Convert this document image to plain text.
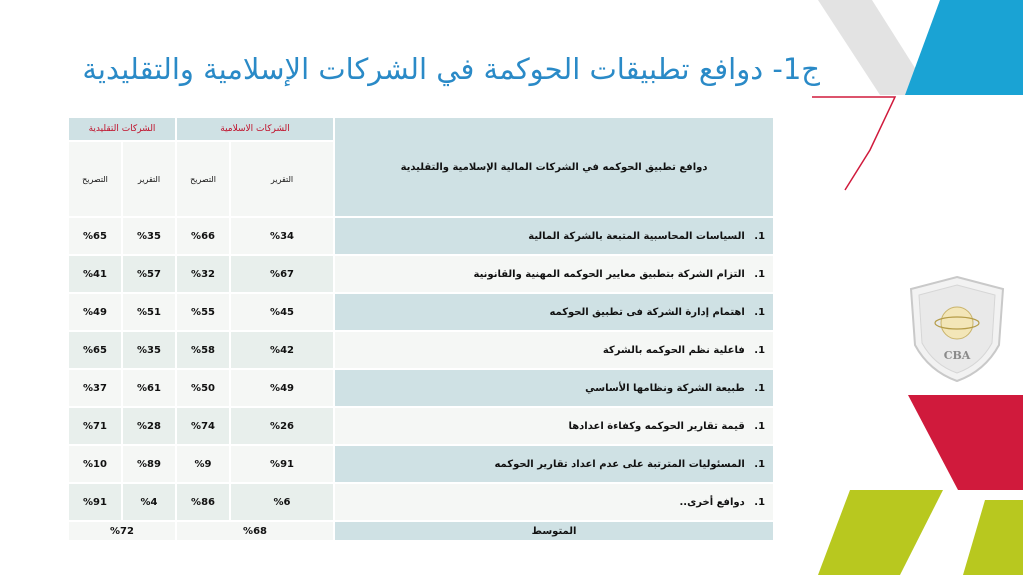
ج1- دوافع تطبيقات الحوكمة في الشركات الإسلامية والتقليدية
الشركات التقليدية		الشركات الاسلامية		دوافع تطبيق الحوكمه في الشركات المالية الإسلامية والتقليدية
التصريح	التقرير	التصريح	التقرير	
%65	%35	%66	%34	1. السياسات المحاسبية المتبعة بالشركة المالية
%41	%57	%32	%67	1. التزام الشركة بتطبيق معايير الحوكمه المهنية والقانونية
%49	%51	%55	%45	1. اهتمام إدارة الشركة فى تطبيق الحوكمه
%65	%35	%58	%42	1. فاعلية نظم الحوكمه بالشركة
%37	%61	%50	%49	1. طبيعة الشركة ونظامها الأساسي
%71	%28	%74	%26	1. قيمة تقارير الحوكمه وكفاءة اعدادها
%10	%89	%9	%91	1. المسئوليات المترتبة على عدم اعداد تقارير الحوكمه
%91	%4	%86	%6	1. دوافع أخرى..
%72		%68		المتوسط
CBA
